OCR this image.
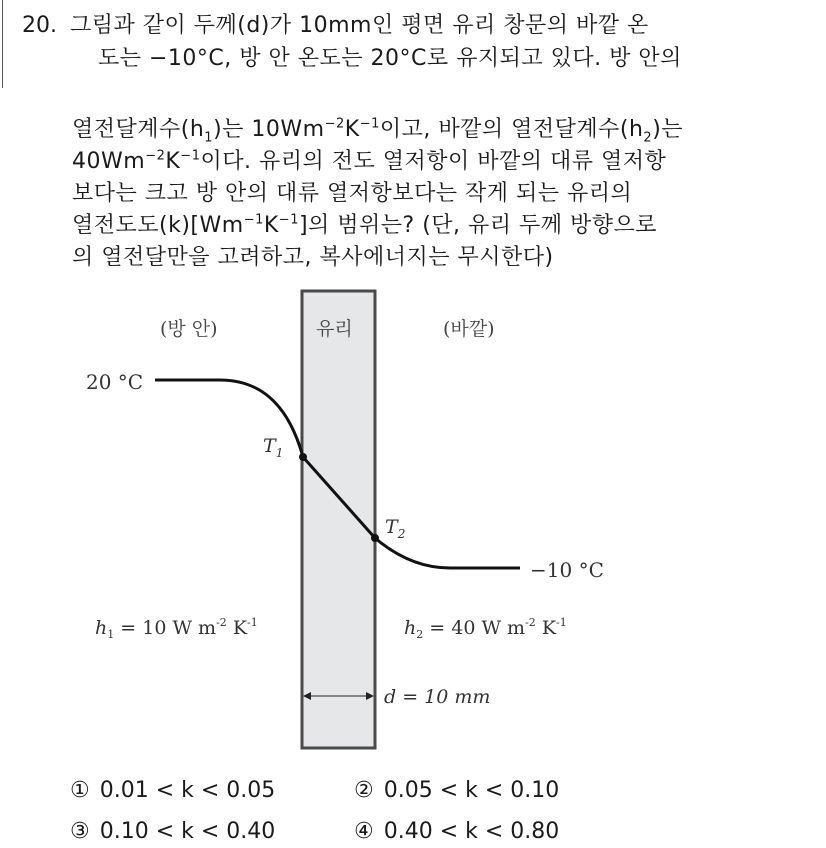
20. 그림과 같이 두께(d)가 10mm인 평면 유리 창문의 바깥 온
도는 −10°C, 방 안 온도는 20°C로 유지되고 있다. 방 안의
열전달계수$(h_1)$는 $10Wm^{-2}K^{-1}$이고, 바깥의 열전달계수$(h_2)$는
$40Wm^{-2}K^{-1}$이다. 유리의 전도 열저항이 바깥의 대류 열저항
보다는 크고 방 안의 대류 열저항보다는 작게 되는 유리의
열전도도$(k)[Wm^{-1}K^{-1}]$의 범위는? (단, 유리 두께 방향으로
의 열전달만을 고려하고, 복사에너지는 무시한다)
(방 안)	유리	(바깥)
20 °C
−10 °C
$T_1$
$T_2$
$h_1 = 10$ W $m^{-2}$ $K^{-1}$	$h_2 = 40$ W $m^{-2}$ $K^{-1}$
d = 10 mm
① 0.01 < k < 0.05	② 0.05 < k < 0.10
③ 0.10 < k < 0.40	④ 0.40 < k < 0.80
